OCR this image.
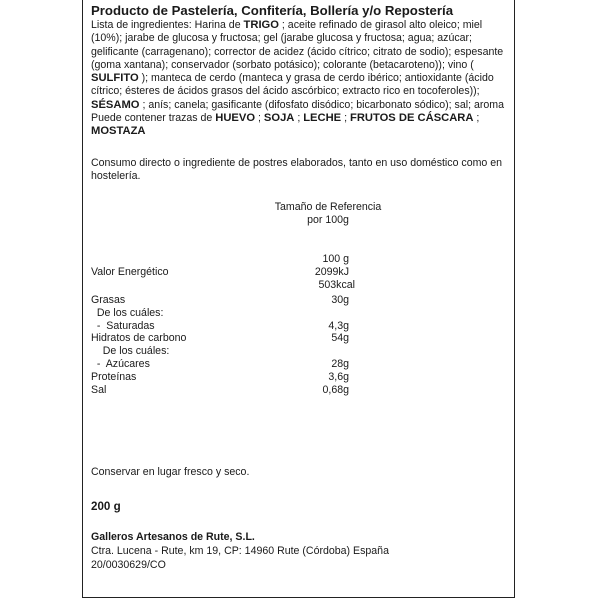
Producto de Pastelería, Confitería, Bollería y/o Repostería
Lista de ingredientes: Harina de TRIGO ; aceite refinado de girasol alto oleico; miel (10%); jarabe de glucosa y fructosa; gel (jarabe glucosa y fructosa; agua; azúcar; gelificante (carragenano); corrector de acidez (ácido cítrico; citrato de sodio); espesante (goma xantana); conservador (sorbato potásico); colorante (betacaroteno)); vino ( SULFITO ); manteca de cerdo (manteca y grasa de cerdo ibérico; antioxidante (ácido cítrico; ésteres de ácidos grasos del ácido ascórbico; extracto rico en tocoferoles)); SÉSAMO ; anís; canela; gasificante (difosfato disódico; bicarbonato sódico); sal; aroma Puede contener trazas de HUEVO ; SOJA ; LECHE ; FRUTOS DE CÁSCARA ; MOSTAZA
Consumo directo o ingrediente de postres elaborados, tanto en uso doméstico como en hostelería.
Tamaño de Referencia
por 100g
100 g
Valor Energético	2099kJ
503kcal
Grasas	30g
De los cuáles:
-  Saturadas	4,3g
Hidratos de carbono	54g
De los cuáles:
-  Azúcares	28g
Proteínas	3,6g
Sal	0,68g
Conservar en lugar fresco y seco.
200 g
Galleros Artesanos de Rute, S.L.
Ctra. Lucena - Rute, km 19, CP: 14960 Rute (Córdoba) España
20/0030629/CO
